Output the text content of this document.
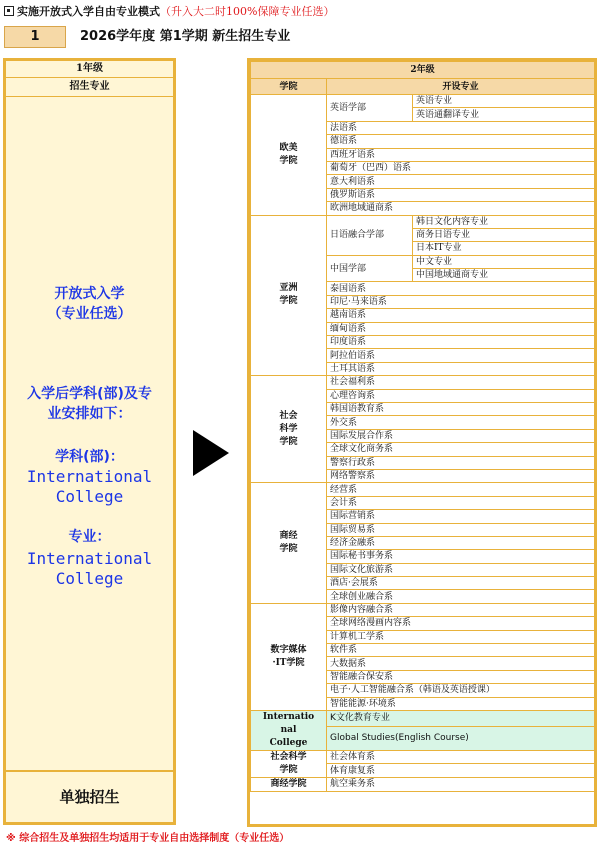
实施开放式入学自由专业模式（升入大二时100%保障专业任选）
1	2026学年度 第1学期 新生招生专业
1年级
招生专业
开放式入学
（专业任选）
入学后学科(部)及专
业安排如下：
学科(部)：
International
College
专业：
International
College
单独招生
2年级		
学院	开设专业	

欧美
学院	英语学部	英语专业
		英语通翻译专业
	法语系	
	德语系	
	西班牙语系	
	葡萄牙（巴西）语系	
	意大利语系	
	俄罗斯语系	
	欧洲地域通商系	

亚洲
学院	日语融合学部	韩日文化内容专业
		商务日语专业
		日本IT专业
	中国学部	中文专业
		中国地域通商专业
	泰国语系	
	印尼·马来语系	
	越南语系	
	缅甸语系	
	印度语系	
	阿拉伯语系	
	土耳其语系	

社会
科学
学院	社会福利系	
	心理咨询系	
	韩国语教育系	
	外交系	
	国际发展合作系	
	全球文化商务系	
	警察行政系	
	网络警察系	

商经
学院	经营系	
	会计系	
	国际营销系	
	国际贸易系	
	经济金融系	
	国际秘书事务系	
	国际文化旅游系	
	酒店·会展系	
	全球创业融合系	

数字媒体
·IT学院	影像内容融合系	
	全球网络漫画内容系	
	计算机工学系	
	软件系	
	大数据系	
	智能融合保安系	
	电子·人工智能融合系（韩语及英语授课）	
	智能能源·环境系	

Internatio
nal
College	K文化教育专业	
	Global Studies(English Course)	

社会科学
学院	社会体育系	
	体育康复系	

商经学院	航空乘务系	
※ 综合招生及单独招生均适用于专业自由选择制度（专业任选）
